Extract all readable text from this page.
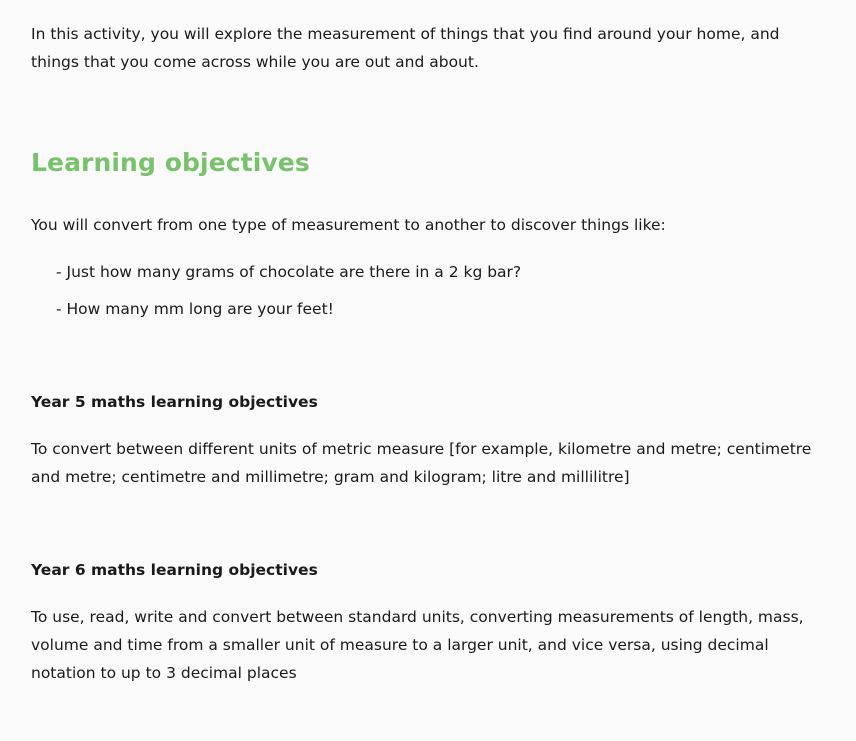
In this activity, you will explore the measurement of things that you find around your home, and things that you come across while you are out and about.

Learning objectives

You will convert from one type of measurement to another to discover things like:

- Just how many grams of chocolate are there in a 2 kg bar?
- How many mm long are your feet!
Year 5 maths learning objectives

To convert between different units of metric measure [for example, kilometre and metre; centimetre and metre; centimetre and millimetre; gram and kilogram; litre and millilitre]

Year 6 maths learning objectives

To use, read, write and convert between standard units, converting measurements of length, mass, volume and time from a smaller unit of measure to a larger unit, and vice versa, using decimal notation to up to 3 decimal places
